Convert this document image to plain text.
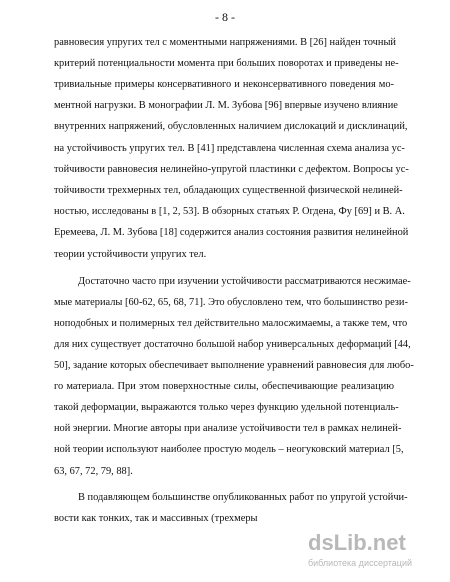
- 8 -
равновесия упругих тел с моментными напряжениями. В [26] найден точный
критерий потенциальности момента при больших поворотах и приведены не-
тривиальные примеры консервативного и неконсервативного поведения мо-
ментной нагрузки. В монографии Л. М. Зубова [96] впервые изучено влияние
внутренних напряжений, обусловленных наличием дислокаций и дисклинаций,
на устойчивость упругих тел. В [41] представлена численная схема анализа ус-
тойчивости равновесия нелинейно-упругой пластинки с дефектом. Вопросы ус-
тойчивости трехмерных тел, обладающих существенной физической нелиней-
ностью, исследованы в [1, 2, 53]. В обзорных статьях Р. Огдена, Фу [69] и В. А.
Еремеева, Л. М. Зубова [18] содержится анализ состояния развития нелинейной
теории устойчивости упругих тел.
Достаточно часто при изучении устойчивости рассматриваются несжимае-
мые материалы [60-62, 65, 68, 71]. Это обусловлено тем, что большинство рези-
ноподобных и полимерных тел действительно малосжимаемы, а также тем, что
для них существует достаточно большой набор универсальных деформаций [44,
50], задание которых обеспечивает выполнение уравнений равновесия для любо-
го материала. При этом поверхностные силы, обеспечивающие реализацию
такой деформации, выражаются только через функцию удельной потенциаль-
ной энергии. Многие авторы при анализе устойчивости тел в рамках нелиней-
ной теории используют наиболее простую модель – неогуковский материал [5,
63, 67, 72, 79, 88].
В подавляющем большинстве опубликованных работ по упругой устойчи-
вости как тонких, так и массивных (трехмеры
dsLib.net
библиотека диссертаций
